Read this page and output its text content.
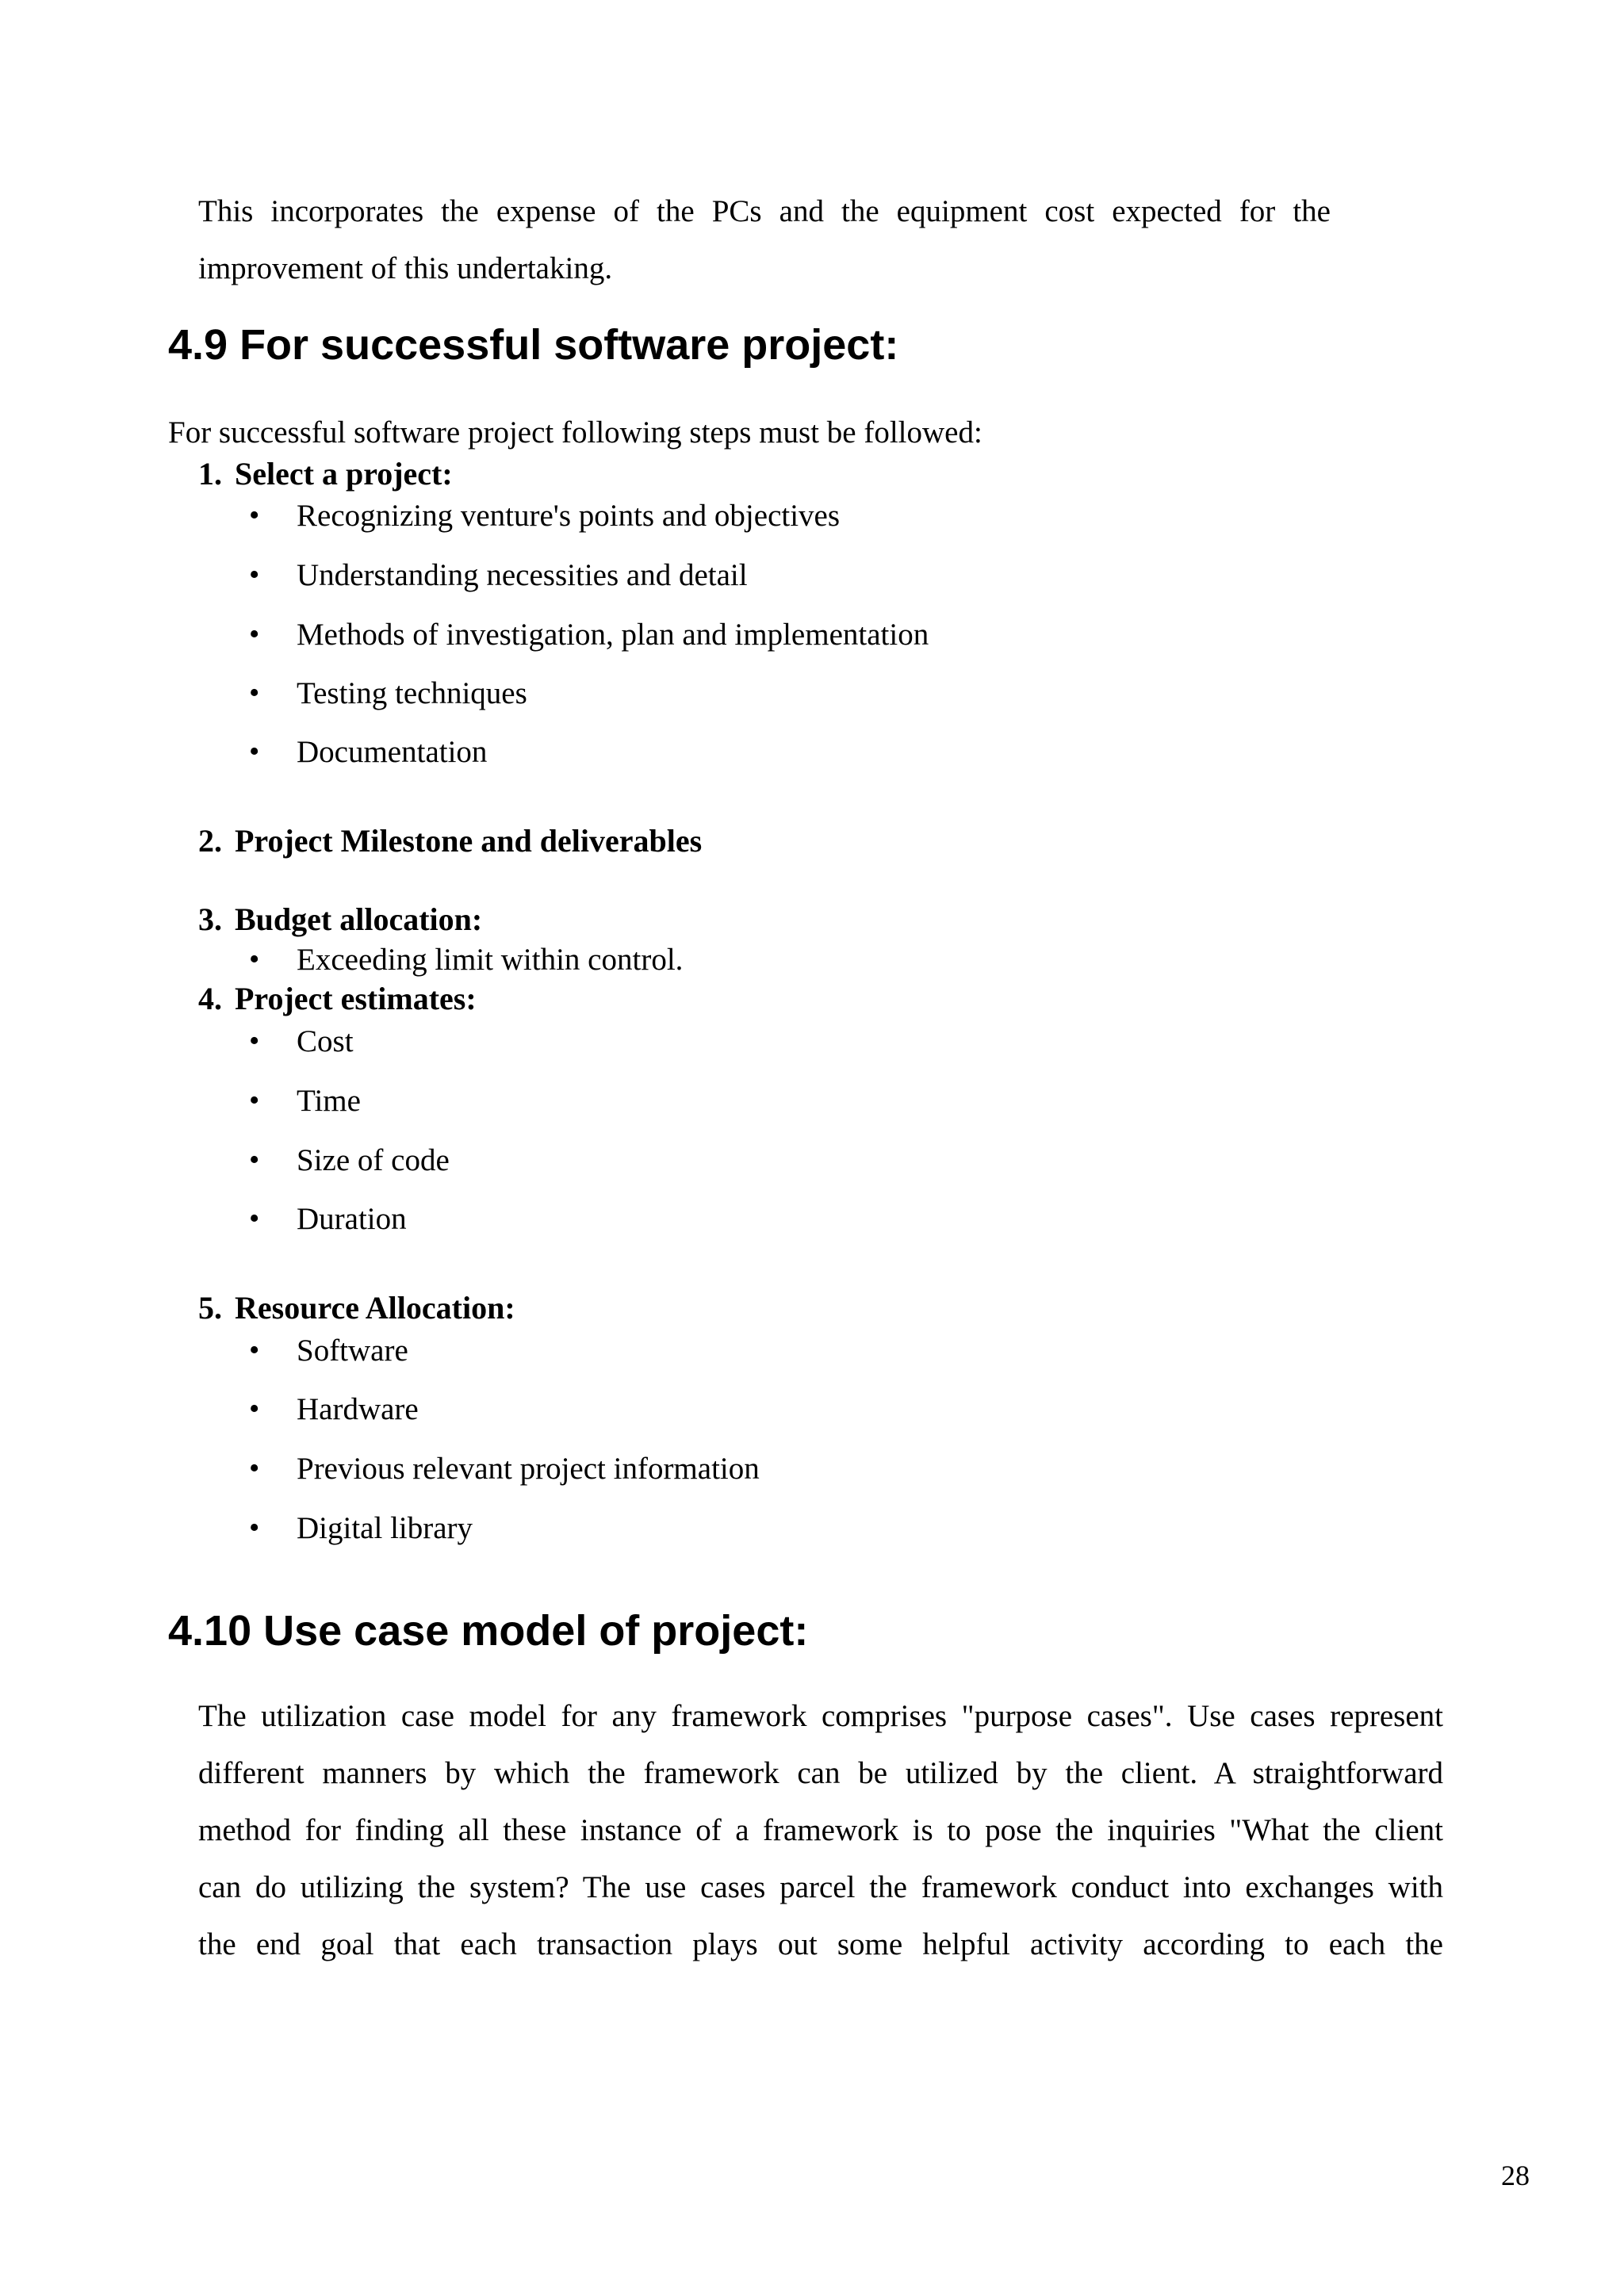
This incorporates the expense of the PCs and the equipment cost expected for the
improvement of this undertaking.
4.9 For successful software project:
For successful software project following steps must be followed:
1. Select a project:
• Recognizing venture's points and objectives
• Understanding necessities and detail
• Methods of investigation, plan and implementation
• Testing techniques
• Documentation
2. Project Milestone and deliverables
3. Budget allocation:
• Exceeding limit within control.
4. Project estimates:
• Cost
• Time
• Size of code
• Duration
5. Resource Allocation:
• Software
• Hardware
• Previous relevant project information
• Digital library
4.10 Use case model of project:
The utilization case model for any framework comprises "purpose cases". Use cases represent
different manners by which the framework can be utilized by the client. A straightforward
method for finding all these instance of a framework is to pose the inquiries "What the client
can do utilizing the system? The use cases parcel the framework conduct into exchanges with
the end goal that each transaction plays out some helpful activity according to each the
28
